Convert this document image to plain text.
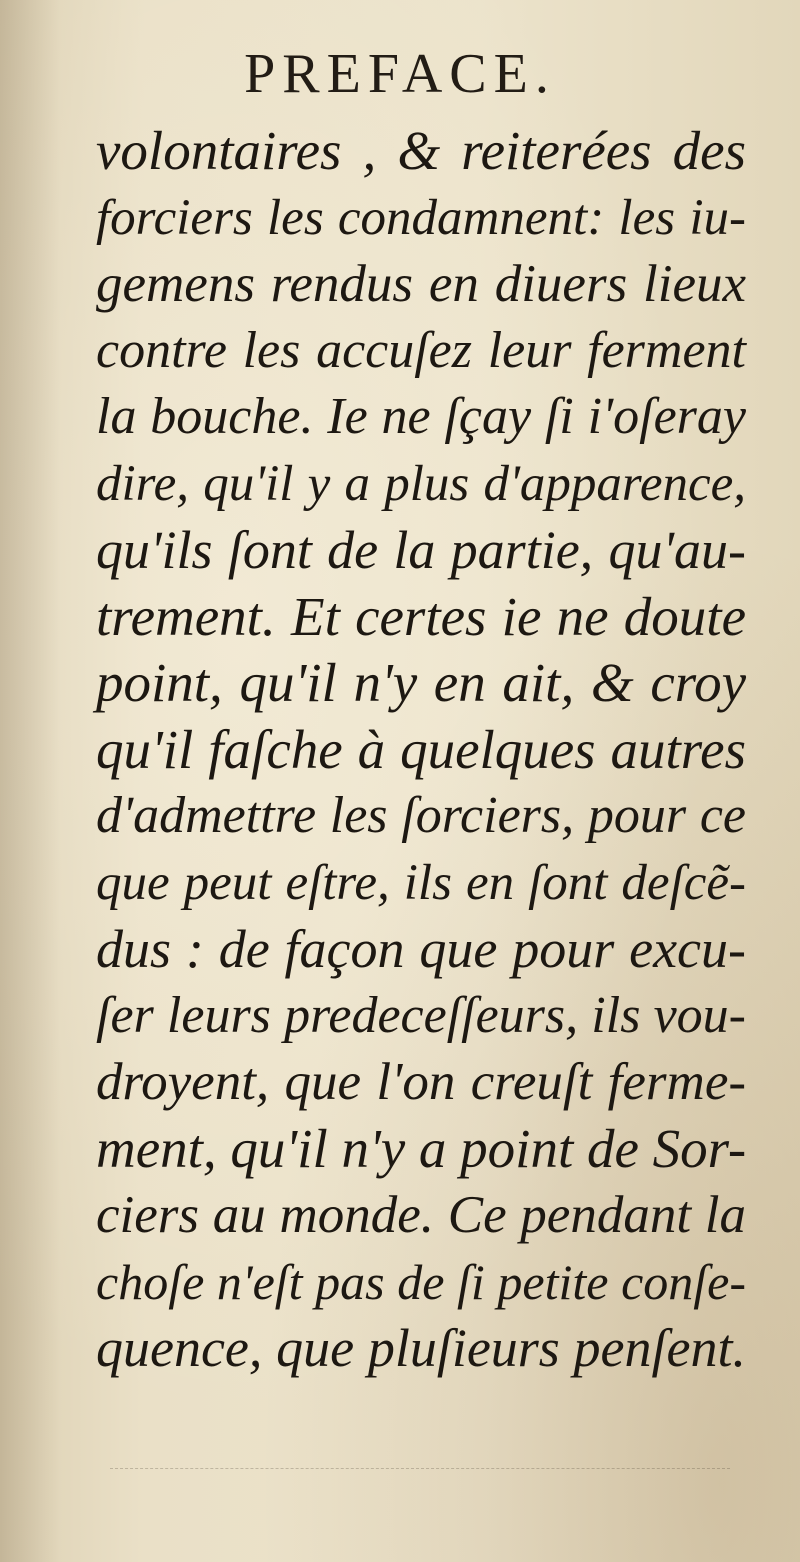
PREFACE.
volontaires , & reiterées des
forciers les condamnent: les iu-
gemens rendus en diuers lieux
contre les accuſez leur ferment
la bouche. Ie ne ſçay ſi i'oſeray
dire, qu'il y a plus d'apparence,
qu'ils ſont de la partie, qu'au-
trement. Et certes ie ne doute
point, qu'il n'y en ait, & croy
qu'il faſche à quelques autres
d'admettre les ſorciers, pour ce
que peut eſtre, ils en ſont deſcẽ-
dus : de façon que pour excu-
ſer leurs predeceſſeurs, ils vou-
droyent, que l'on creuſt ferme-
ment, qu'il n'y a point de Sor-
ciers au monde. Ce pendant la
choſe n'eſt pas de ſi petite conſe-
quence, que pluſieurs penſent.
